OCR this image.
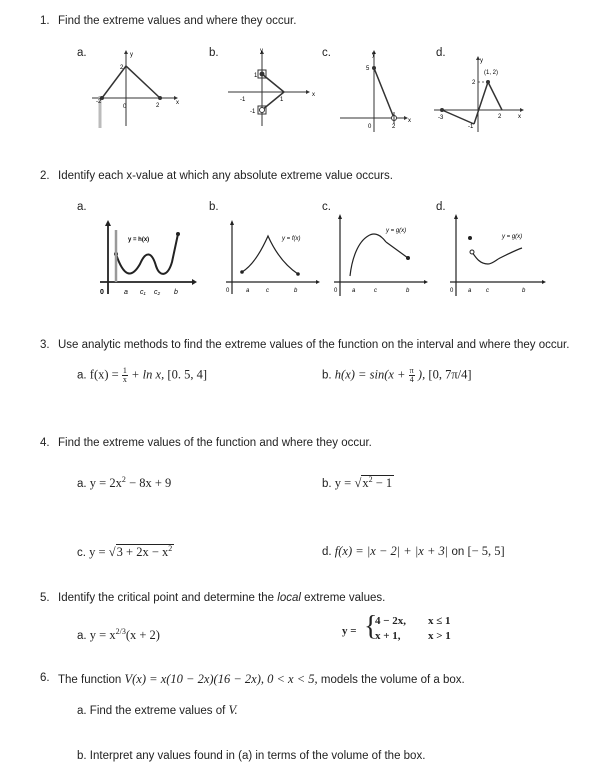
1. Find the extreme values and where they occur.
a.	b.	c.	d.
y
x
2
-2
0	2
y
x
1
-1
-1
1
y
x
5
0	2
y
x
(1, 2)
2
-3
-1
2
2. Identify each x-value at which any absolute extreme value occurs.
a.	b.	c.	d.
y = h(x)
0	a c₁ c₂ b
y = f(x)
0	a	c	b
y = g(x)
0 a	c	b
y = g(x)
0 a c	b
3. Use analytic methods to find the extreme values of the function on the interval and where they occur.
a. $f(x) = \frac{1}{x} + \ln x$, [0. 5, 4]	b. $h(x) = \sin(x + \frac{\pi}{4}$ ), [0, 7π/4]
4. Find the extreme values of the function and where they occur.
a. $y = 2x^2 - 8x + 9$	b. $y = √x^2 - 1$
c. $y = √3 + 2x - x^2$	d. f(x) = |x − 2| + |x + 3| on [− 5, 5]
5. Identify the critical point and determine the local extreme values.
a. $y = x^{2/3}(x + 2)$	y = {
4 − 2x, x ≤ 1
x + 1, x > 1
6. The function V(x) = x(10 − 2x)(16 − 2x), 0 < x < 5, models the volume of a box.
a. Find the extreme values of V.
b. Interpret any values found in (a) in terms of the volume of the box.
